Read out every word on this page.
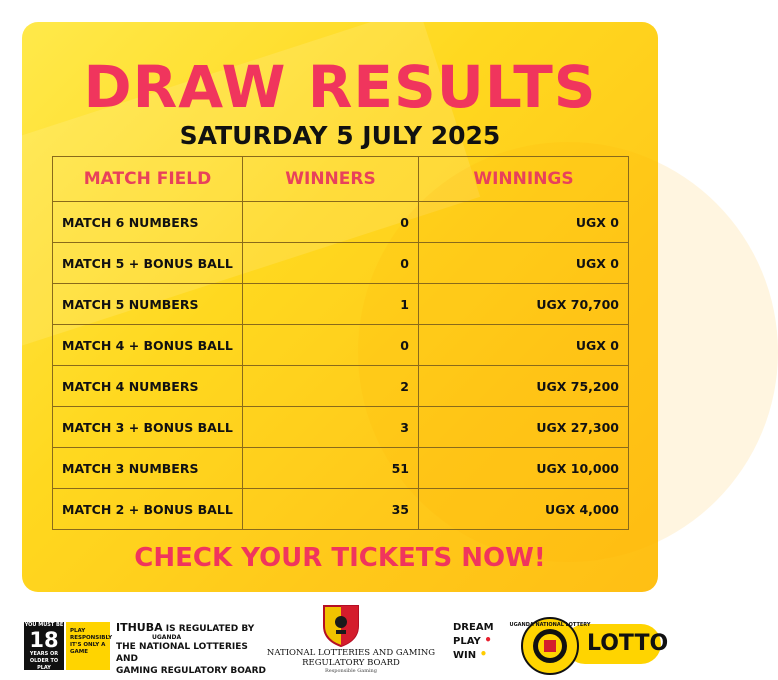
DRAW RESULTS
SATURDAY 5 JULY 2025
MATCH FIELD	WINNERS	WINNINGS
MATCH 6 NUMBERS	0	UGX 0
MATCH 5 + BONUS BALL	0	UGX 0
MATCH 5 NUMBERS	1	UGX 70,700
MATCH 4 + BONUS BALL	0	UGX 0
MATCH 4 NUMBERS	2	UGX 75,200
MATCH 3 + BONUS BALL	3	UGX 27,300
MATCH 3 NUMBERS	51	UGX 10,000
MATCH 2 + BONUS BALL	35	UGX 4,000
CHECK YOUR TICKETS NOW!
YOU MUST BE
18
YEARS OR OLDER TO PLAY
PLAY
RESPONSIBLY
IT'S ONLY A GAME
ITHUBA IS REGULATED BY
UGANDA
THE NATIONAL LOTTERIES AND
GAMING REGULATORY BOARD
NATIONAL LOTTERIES AND GAMING
REGULATORY BOARD
Responsible Gaming
DREAM
PLAY •
WIN •	LOTTO
UGANDA NATIONAL LOTTERY
